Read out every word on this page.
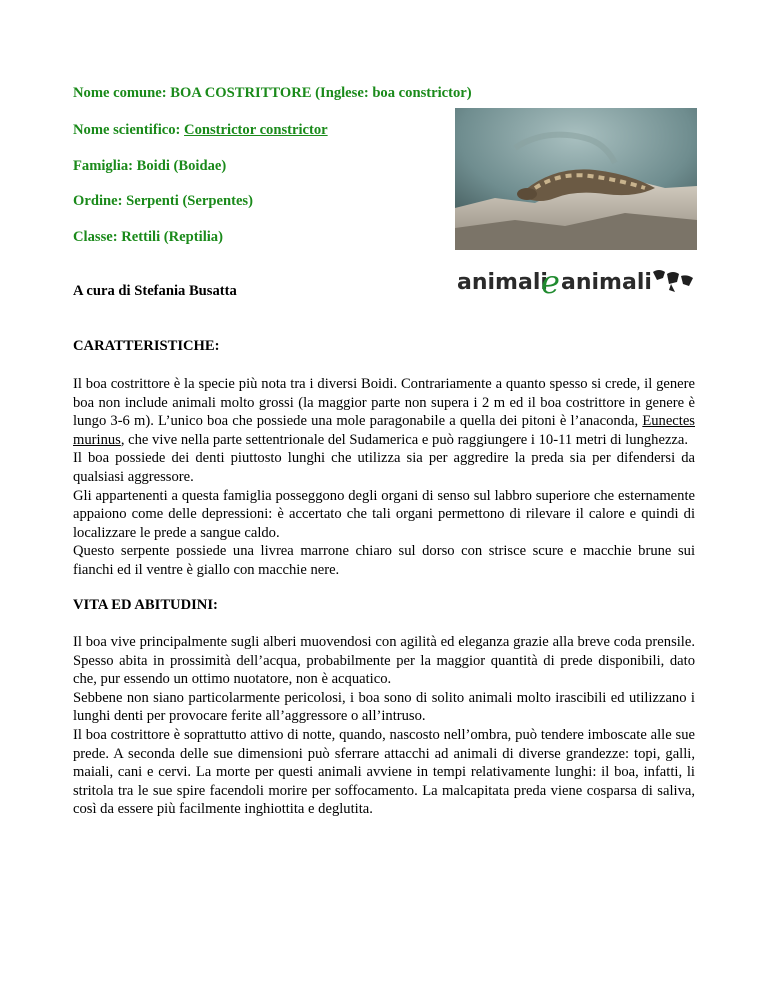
Nome comune: BOA COSTRITTORE (Inglese: boa constrictor)
Nome scientifico: Constrictor constrictor
Famiglia: Boidi (Boidae)
Ordine: Serpenti (Serpentes)
Classe: Rettili (Reptilia)
A cura di Stefania Busatta	animali
e animali
CARATTERISTICHE:

Il boa costrittore è la specie più nota tra i diversi Boidi. Contrariamente a quanto spesso si crede, il genere boa non include animali molto grossi (la maggior parte non supera i 2 m ed il boa costrittore in genere è lungo 3-6 m). L’unico boa che possiede una mole paragonabile a quella dei pitoni è l’anaconda, Eunectes murinus, che vive nella parte settentrionale del Sudamerica e può raggiungere i 10-11 metri di lunghezza.

Il boa possiede dei denti piuttosto lunghi che utilizza sia per aggredire la preda sia per difendersi da qualsiasi aggressore.

Gli appartenenti a questa famiglia posseggono degli organi di senso sul labbro superiore che esternamente appaiono come delle depressioni: è accertato che tali organi permettono di rilevare il calore e quindi di localizzare le prede a sangue caldo.

Questo serpente possiede una livrea marrone chiaro sul dorso con strisce scure e macchie brune sui fianchi ed il ventre è giallo con macchie nere.

VITA ED ABITUDINI:

Il boa vive principalmente sugli alberi muovendosi con agilità ed eleganza grazie alla breve coda prensile. Spesso abita in prossimità dell’acqua, probabilmente per la maggior quantità di prede disponibili, dato che, pur essendo un ottimo nuotatore, non è acquatico.

Sebbene non siano particolarmente pericolosi, i boa sono di solito animali molto irascibili ed utilizzano i lunghi denti per provocare ferite all’aggressore o all’intruso.

Il boa costrittore è soprattutto attivo di notte, quando, nascosto nell’ombra, può tendere imboscate alle sue prede. A seconda delle sue dimensioni può sferrare attacchi ad animali di diverse grandezze: topi, galli, maiali, cani e cervi. La morte per questi animali avviene in tempi relativamente lunghi: il boa, infatti, li stritola tra le sue spire facendoli morire per soffocamento. La malcapitata preda viene cosparsa di saliva, così da essere più facilmente inghiottita e deglutita.
